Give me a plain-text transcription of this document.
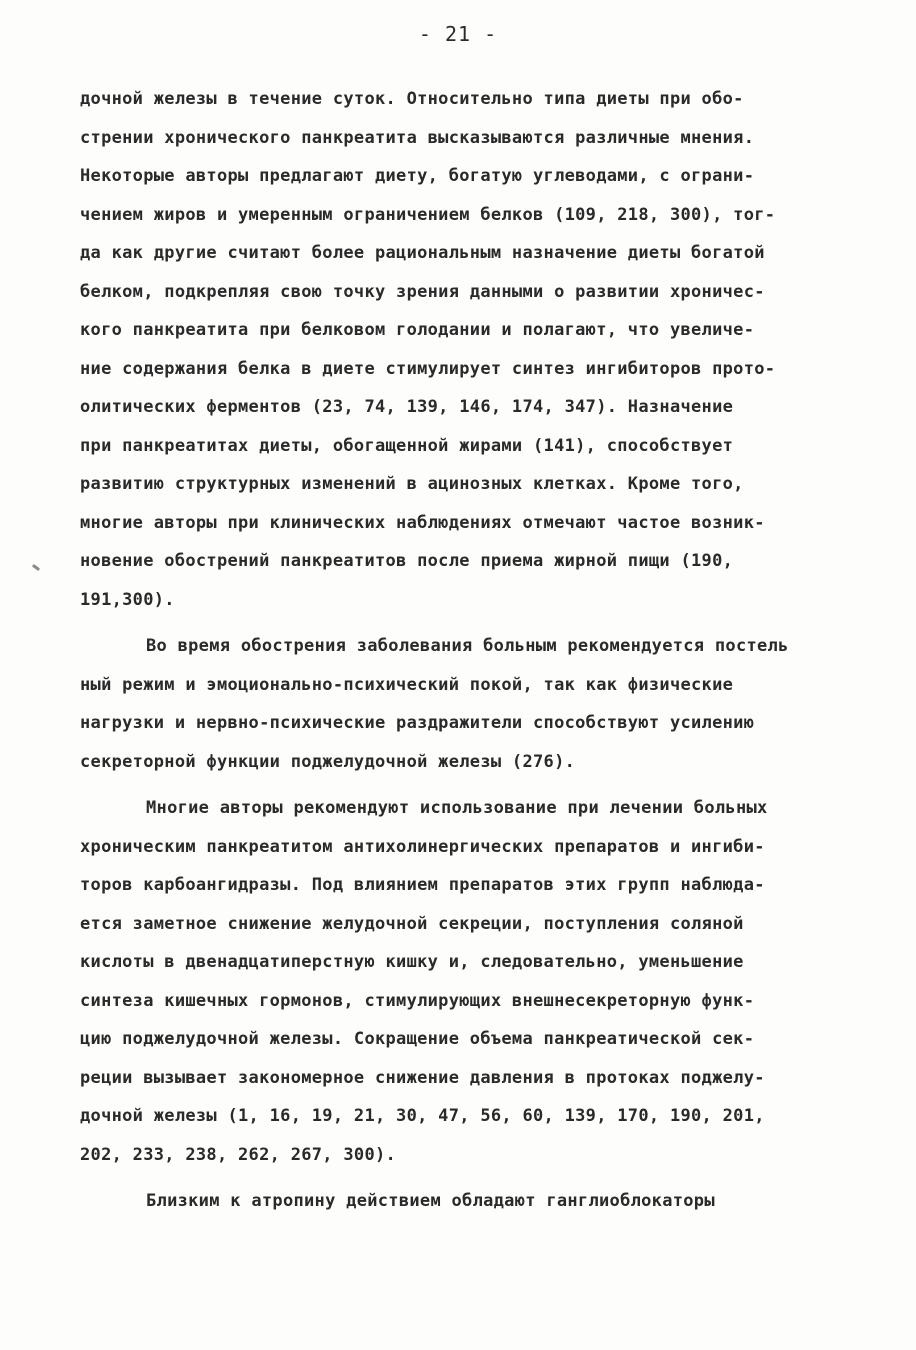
- 21 -
дочной железы в течение суток. Относительно типа диеты при обо-
стрении хронического панкреатита высказываются различные мнения.
Некоторые авторы предлагают диету, богатую углеводами, с ограни-
чением жиров и умеренным ограничением белков (109, 218, 300), тог-
да как другие считают более рациональным назначение диеты богатой
белком, подкрепляя свою точку зрения данными о развитии хроничес-
кого панкреатита при белковом голодании и полагают, что увеличе-
ние содержания белка в диете стимулирует синтез ингибиторов прото-
олитических ферментов (23, 74, 139, 146, 174, 347). Назначение
при панкреатитах диеты, обогащенной жирами (141), способствует
развитию структурных изменений в ацинозных клетках. Кроме того,
многие авторы при клинических наблюдениях отмечают частое возник-
новение обострений панкреатитов после приема жирной пищи (190,
191,300).
Во время обострения заболевания больным рекомендуется постель
ный режим и эмоционально-психический покой, так как физические
нагрузки и нервно-психические раздражители способствуют усилению
секреторной функции поджелудочной железы (276).
Многие авторы рекомендуют использование при лечении больных
хроническим панкреатитом антихолинергических препаратов и ингиби-
торов карбоангидразы. Под влиянием препаратов этих групп наблюда-
ется заметное снижение желудочной секреции, поступления соляной
кислоты в двенадцатиперстную кишку и, следовательно, уменьшение
синтеза кишечных гормонов, стимулирующих внешнесекреторную функ-
цию поджелудочной железы. Сокращение объема панкреатической сек-
реции вызывает закономерное снижение давления в протоках поджелу-
дочной железы (1, 16, 19, 21, 30, 47, 56, 60, 139, 170, 190, 201,
202, 233, 238, 262, 267, 300).
Близким к атропину действием обладают ганглиоблокаторы
